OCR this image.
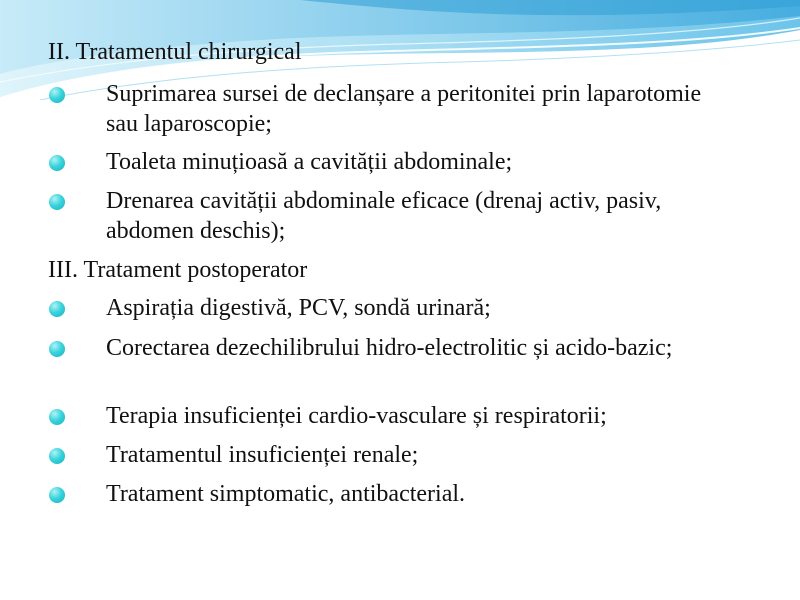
II. Tratamentul chirurgical

Suprimarea sursei de declanșare a peritonitei prin laparotomie sau laparoscopie;

Toaleta minuțioasă a cavității abdominale;

Drenarea cavității abdominale eficace (drenaj activ, pasiv, abdomen deschis);

III. Tratament postoperator

Aspirația digestivă, PCV, sondă urinară;

Corectarea dezechilibrului hidro-electrolitic și acido-bazic;

Terapia insuficienței cardio-vasculare și respiratorii;

Tratamentul insuficienței renale;

Tratament simptomatic, antibacterial.
